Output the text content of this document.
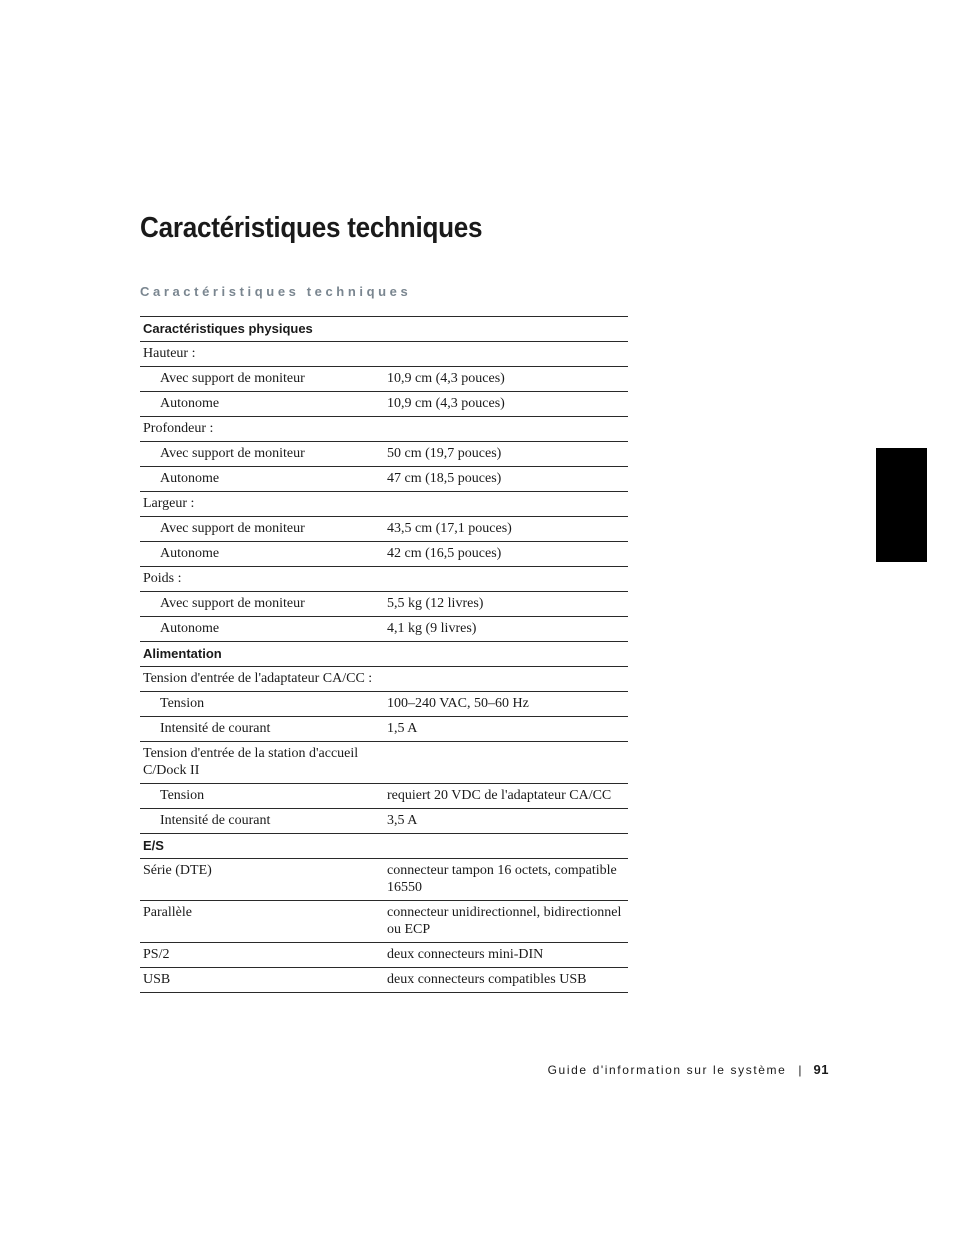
Caractéristiques techniques
Caractéristiques techniques
Caractéristiques physiques	
Hauteur :	
Avec support de moniteur	10,9 cm (4,3 pouces)
Autonome	10,9 cm (4,3 pouces)
Profondeur :	
Avec support de moniteur	50 cm (19,7 pouces)
Autonome	47 cm (18,5 pouces)
Largeur :	
Avec support de moniteur	43,5 cm (17,1 pouces)
Autonome	42 cm (16,5 pouces)
Poids :	
Avec support de moniteur	5,5 kg (12 livres)
Autonome	4,1 kg (9 livres)
Alimentation	
Tension d'entrée de l'adaptateur CA/CC :	
Tension	100–240 VAC, 50–60 Hz
Intensité de courant	1,5 A
Tension d'entrée de la station d'accueil C/Dock II	
Tension	requiert 20 VDC de l'adaptateur CA/CC
Intensité de courant	3,5 A
E/S	
Série (DTE)	connecteur tampon 16 octets, compatible 16550
Parallèle	connecteur unidirectionnel, bidirectionnel ou ECP
PS/2	deux connecteurs mini-DIN
USB	deux connecteurs compatibles USB
Guide d'information sur le système | 91
